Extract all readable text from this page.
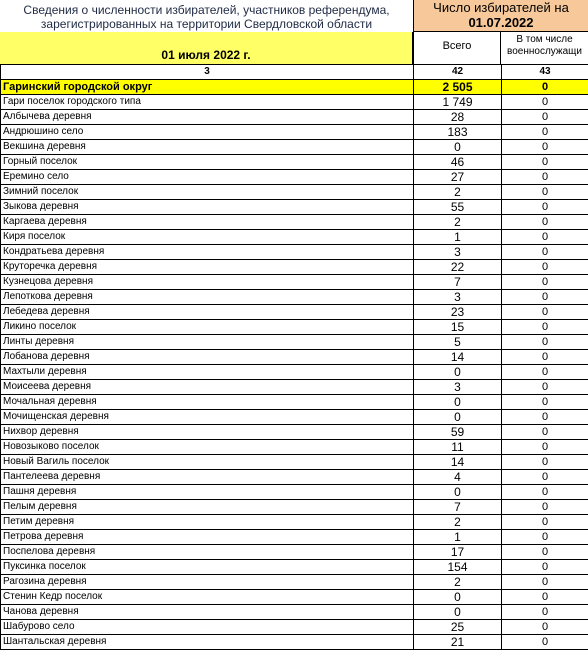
Сведения о численности избирателей, участников референдума,
зарегистрированных на территории Свердловской области
01 июля 2022 г.
Число избирателей на
01.07.2022
Всего
В том числе
военнослужащи
3	42	43
Гаринский городской округ	2 505	0
Гари поселок городского типа	1 749	0
Албычева деревня	28	0
Андрюшино село	183	0
Векшина деревня	0	0
Горный поселок	46	0
Еремино село	27	0
Зимний поселок	2	0
Зыкова деревня	55	0
Каргаева деревня	2	0
Киря поселок	1	0
Кондратьева деревня	3	0
Круторечка деревня	22	0
Кузнецова деревня	7	0
Лепоткова деревня	3	0
Лебедева деревня	23	0
Ликино поселок	15	0
Линты деревня	5	0
Лобанова деревня	14	0
Махтыли деревня	0	0
Моисеева деревня	3	0
Мочальная деревня	0	0
Мочищенская деревня	0	0
Нихвор деревня	59	0
Новозыково поселок	11	0
Новый Вагиль поселок	14	0
Пантелеева деревня	4	0
Пашня деревня	0	0
Пелым деревня	7	0
Петим деревня	2	0
Петрова деревня	1	0
Поспелова деревня	17	0
Пуксинка поселок	154	0
Рагозина деревня	2	0
Стенин Кедр поселок	0	0
Чанова деревня	0	0
Шабурово село	25	0
Шантальская деревня	21	0
